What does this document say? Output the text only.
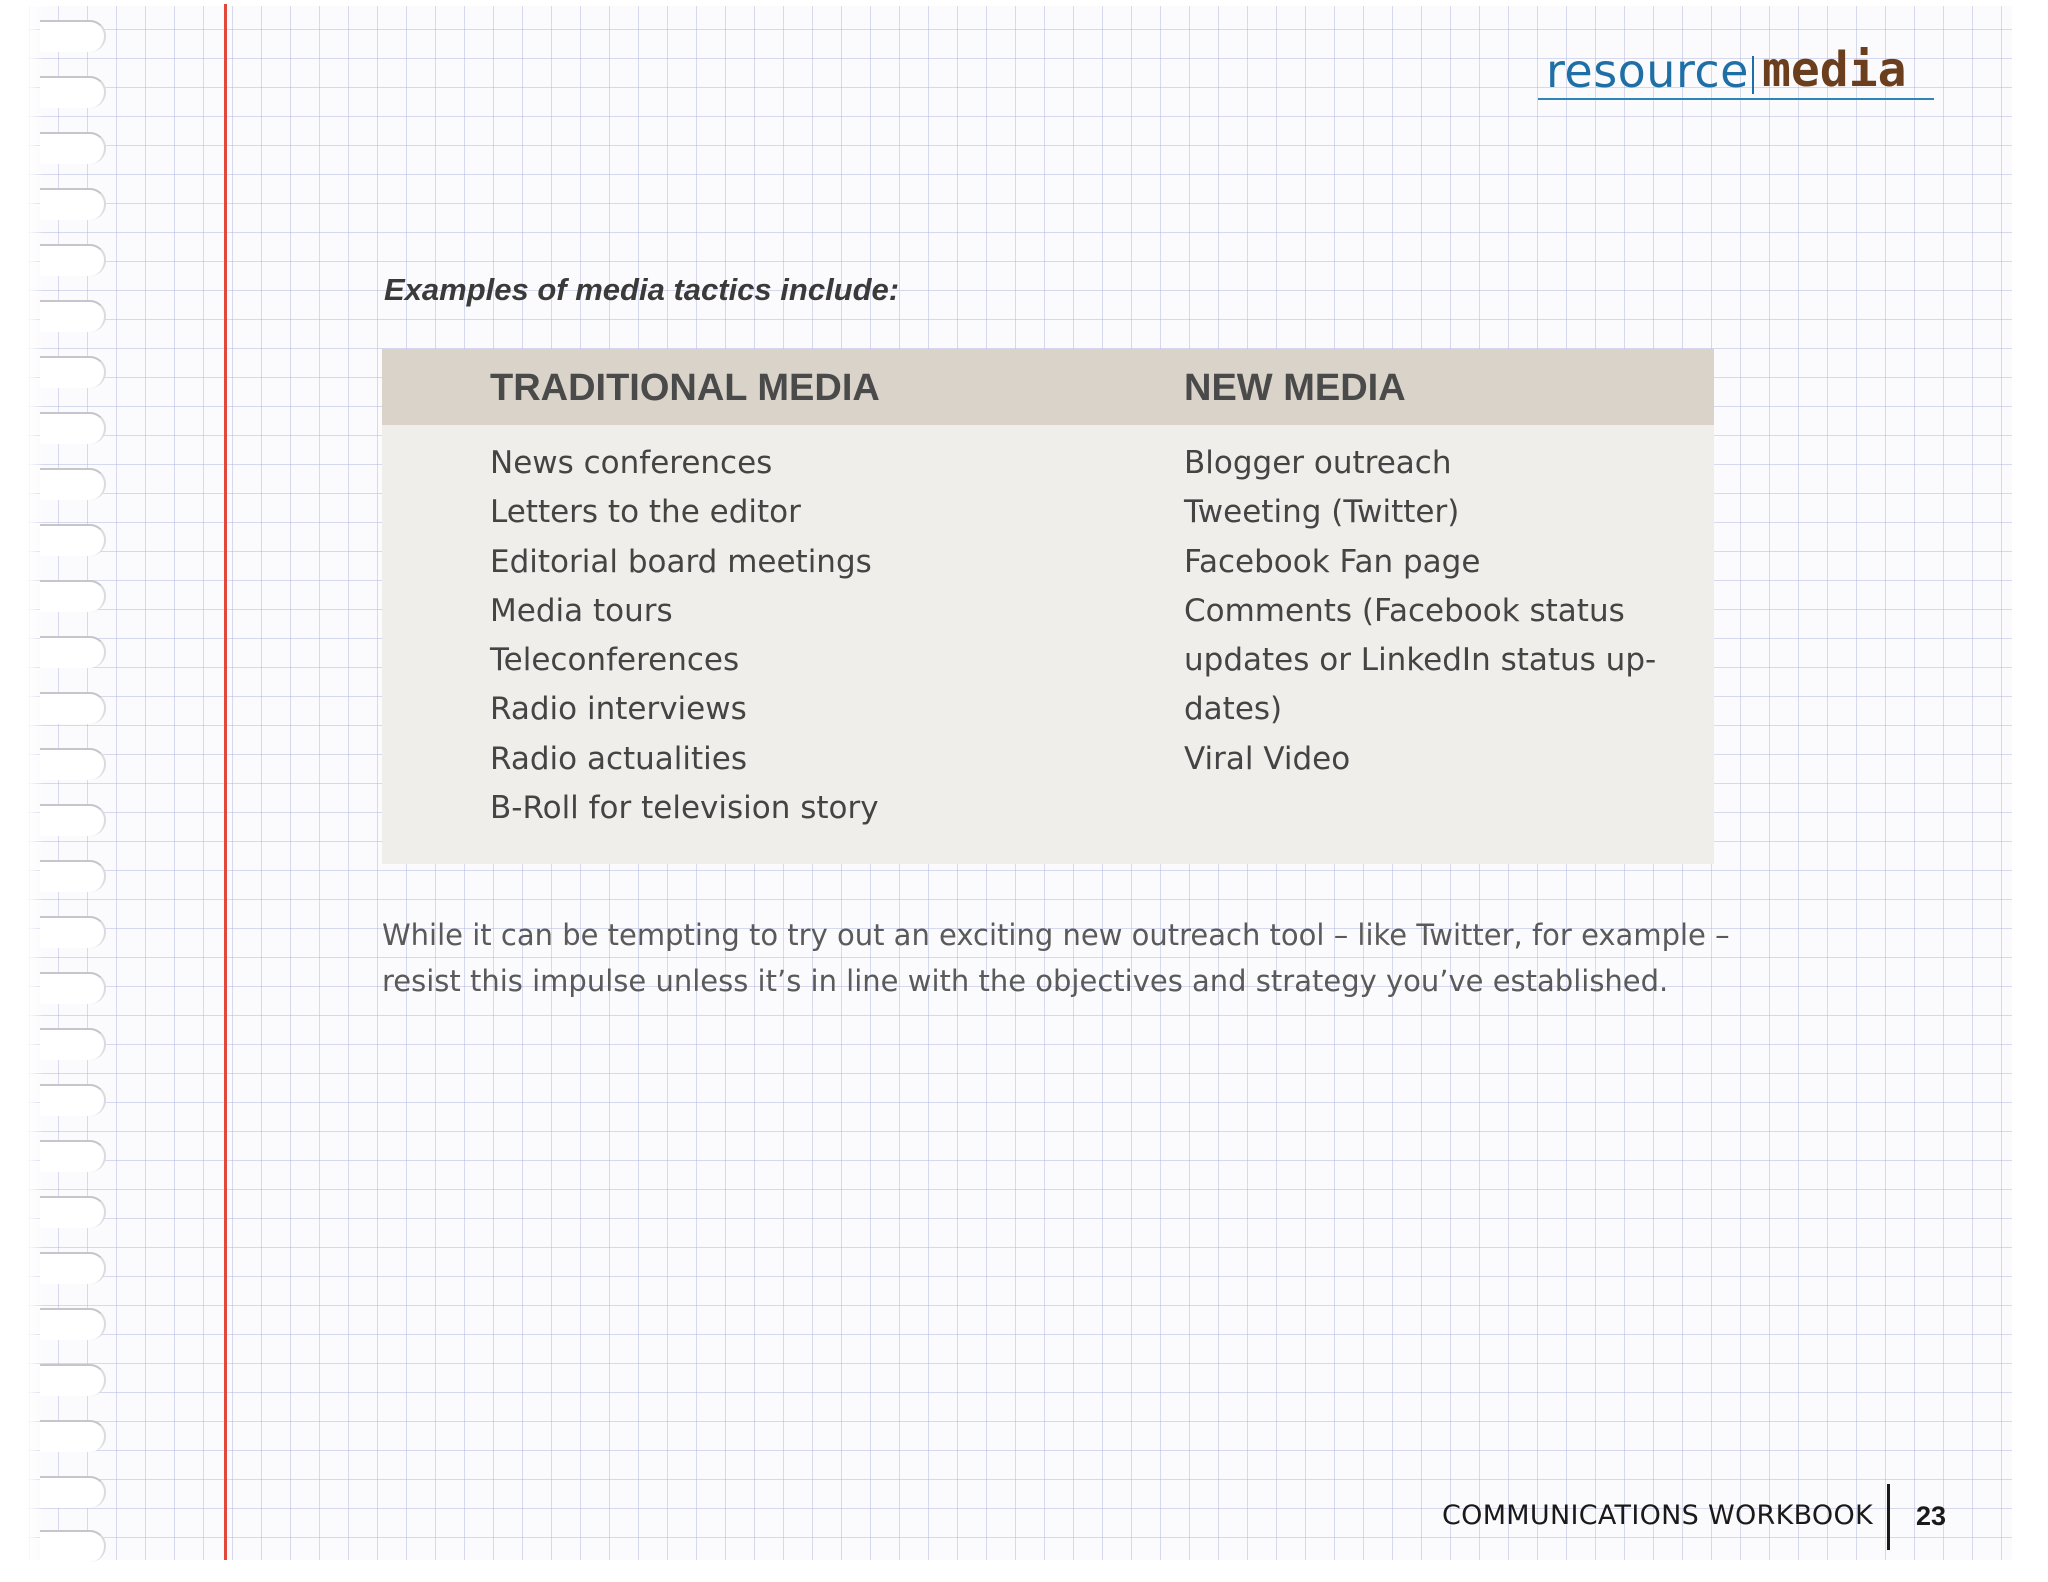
resource media
Examples of media tactics include:
TRADITIONAL MEDIA	NEW MEDIA
News conferences
Letters to the editor
Editorial board meetings
Media tours
Teleconferences
Radio interviews
Radio actualities
B-Roll for television story
Blogger outreach
Tweeting (Twitter)
Facebook Fan page
Comments (Facebook status
updates or LinkedIn status up-
dates)
Viral Video
While it can be tempting to try out an exciting new outreach tool – like Twitter, for example –
resist this impulse unless it’s in line with the objectives and strategy you’ve established.
COMMUNICATIONS WORKBOOK 23
